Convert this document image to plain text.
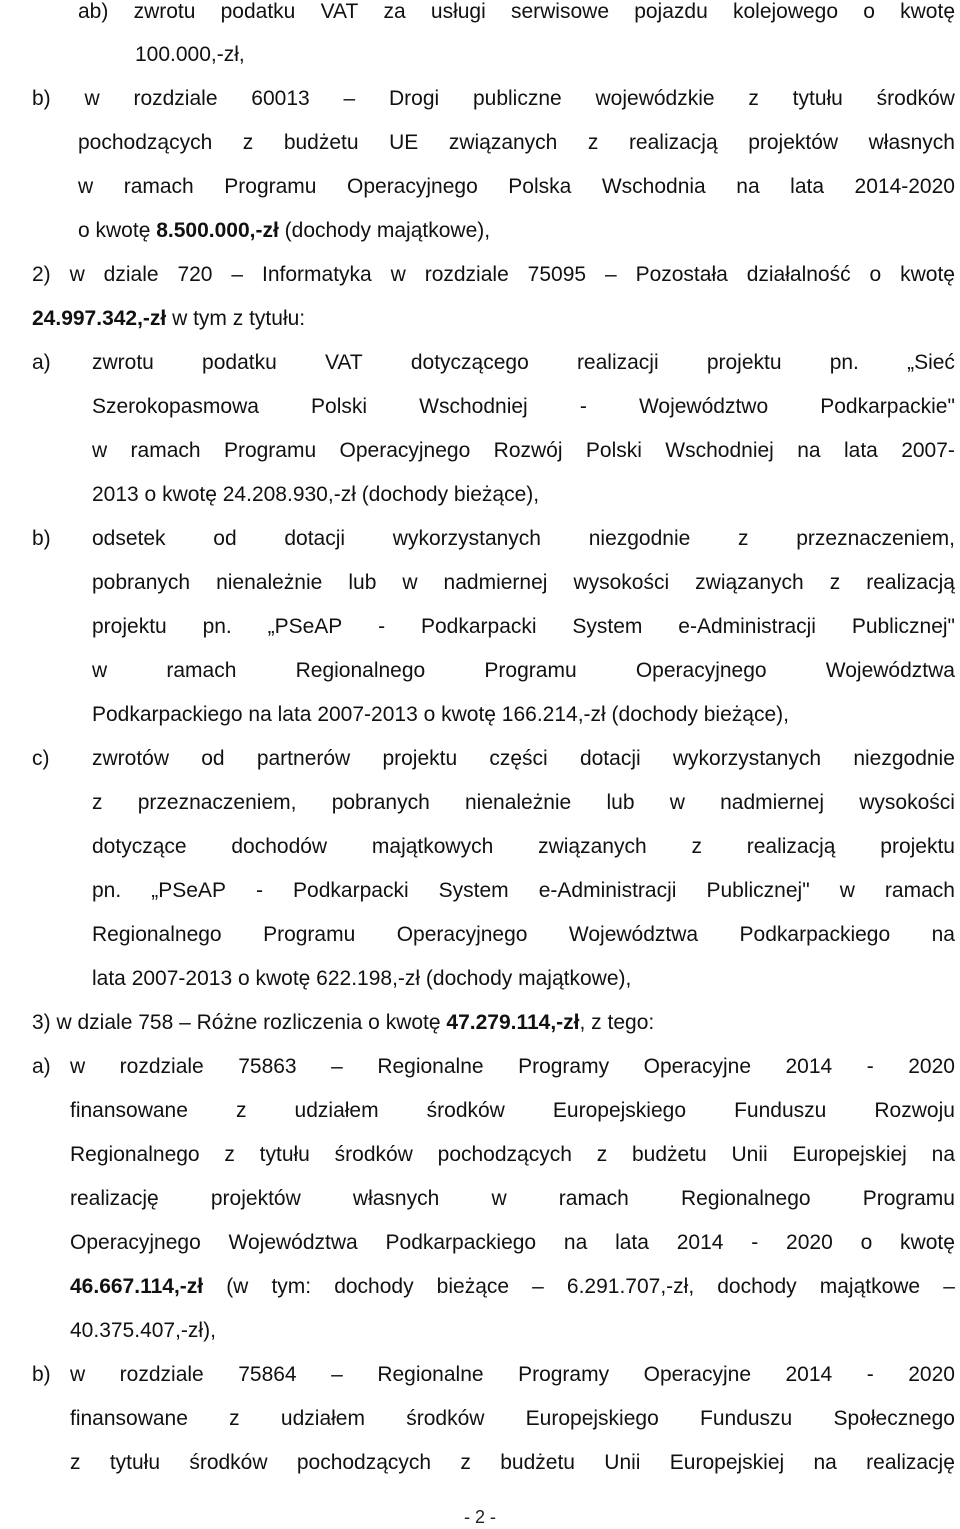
ab) zwrotu podatku VAT za usługi serwisowe pojazdu kolejowego o kwotę
100.000,-zł,
b) w rozdziale 60013 – Drogi publiczne wojewódzkie z tytułu środków
pochodzących z budżetu UE związanych z realizacją projektów własnych
w ramach Programu Operacyjnego Polska Wschodnia na lata 2014-2020
o kwotę 8.500.000,-zł (dochody majątkowe),
2) w dziale 720 – Informatyka w rozdziale 75095 – Pozostała działalność o kwotę
24.997.342,-zł w tym z tytułu:
a) zwrotu podatku VAT dotyczącego realizacji projektu pn. „Sieć
Szerokopasmowa Polski Wschodniej - Województwo Podkarpackie"
w ramach Programu Operacyjnego Rozwój Polski Wschodniej na lata 2007-
2013 o kwotę 24.208.930,-zł (dochody bieżące),
b) odsetek od dotacji wykorzystanych niezgodnie z przeznaczeniem,
pobranych nienależnie lub w nadmiernej wysokości związanych z realizacją
projektu pn. „PSeAP - Podkarpacki System e-Administracji Publicznej"
w	ramach	Regionalnego	Programu	Operacyjnego	Województwa
Podkarpackiego na lata 2007-2013 o kwotę 166.214,-zł (dochody bieżące),
c) zwrotów od partnerów projektu części dotacji wykorzystanych niezgodnie
z przeznaczeniem, pobranych nienależnie lub w nadmiernej wysokości
dotyczące dochodów majątkowych związanych z realizacją projektu
pn. „PSeAP - Podkarpacki System e-Administracji Publicznej" w ramach
Regionalnego Programu Operacyjnego Województwa Podkarpackiego na
lata 2007-2013 o kwotę 622.198,-zł (dochody majątkowe),
3) w dziale 758 – Różne rozliczenia o kwotę 47.279.114,-zł, z tego:
a) w rozdziale 75863 – Regionalne Programy Operacyjne 2014 - 2020
finansowane z udziałem środków Europejskiego Funduszu Rozwoju
Regionalnego z tytułu środków pochodzących z budżetu Unii Europejskiej na
realizację projektów własnych w ramach Regionalnego Programu
Operacyjnego Województwa Podkarpackiego na lata 2014 - 2020 o kwotę
46.667.114,-zł (w tym: dochody bieżące – 6.291.707,-zł, dochody majątkowe –
40.375.407,-zł),
b) w rozdziale 75864 – Regionalne Programy Operacyjne 2014 - 2020
finansowane z udziałem środków Europejskiego Funduszu Społecznego
z tytułu środków pochodzących z budżetu Unii Europejskiej na realizację
- 2 -
